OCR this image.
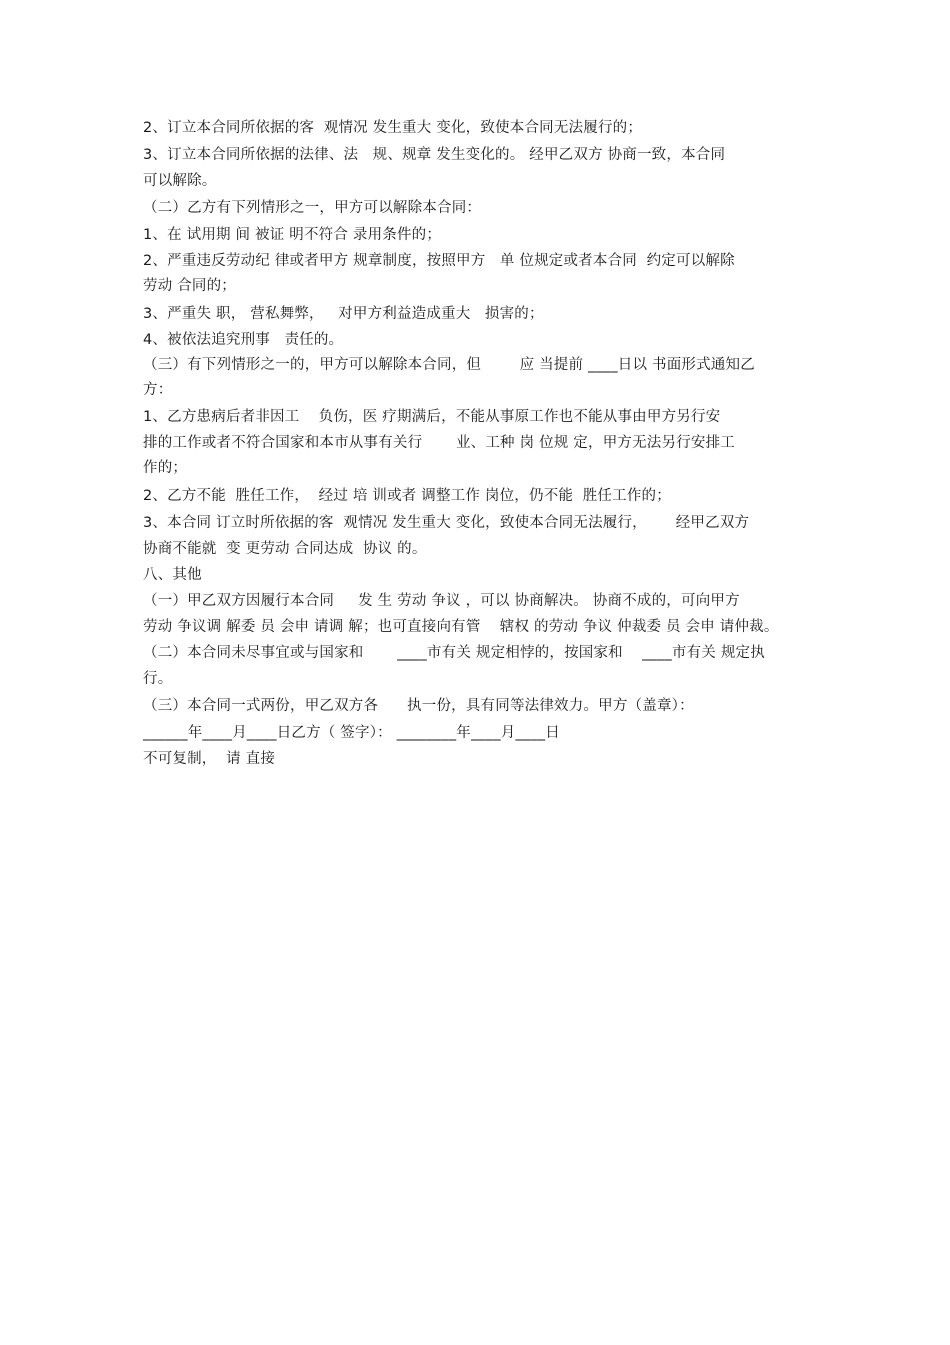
2、订立本合同所依据的客  观情况 发生重大 变化，致使本合同无法履行的；
3、订立本合同所依据的法律、法   规、规章 发生变化的。 经甲乙双方 协商一致，本合同
可以解除。
（二）乙方有下列情形之一，甲方可以解除本合同：
1、在 试用期 间 被证 明不符合 录用条件的；
2、严重违反劳动纪 律或者甲方 规章制度，按照甲方   单 位规定或者本合同  约定可以解除
劳动 合同的；
3、严重失 职， 营私舞弊，   对甲方利益造成重大   损害的；
4、被依法追究刑事   责任的。
（三）有下列情形之一的，甲方可以解除本合同，但        应 当提前 ____日以 书面形式通知乙
方：
1、乙方患病后者非因工    负伤，医 疗期满后，不能从事原工作也不能从事由甲方另行安
排的工作或者不符合国家和本市从事有关行       业、工种 岗 位规 定，甲方无法另行安排工
作的；
2、乙方不能  胜任工作，  经过 培 训或者 调整工作 岗位，仍不能  胜任工作的；
3、本合同 订立时所依据的客  观情况 发生重大 变化，致使本合同无法履行，      经甲乙双方
协商不能就  变 更劳动 合同达成  协议 的。
八、其他
（一）甲乙双方因履行本合同     发 生 劳动 争议 ，可以 协商解决。 协商不成的，可向甲方
劳动 争议调 解委 员 会申 请调 解；也可直接向有管    辖权 的劳动 争议 仲裁委 员 会申 请仲裁。
（二）本合同未尽事宜或与国家和       ____市有关 规定相悖的，按国家和    ____市有关 规定执
行。
（三）本合同一式两份，甲乙双方各      执一份，具有同等法律效力。甲方（盖章）：
______年____月____日乙方（ 签字）： ________年____月____日
不可复制，  请 直接
